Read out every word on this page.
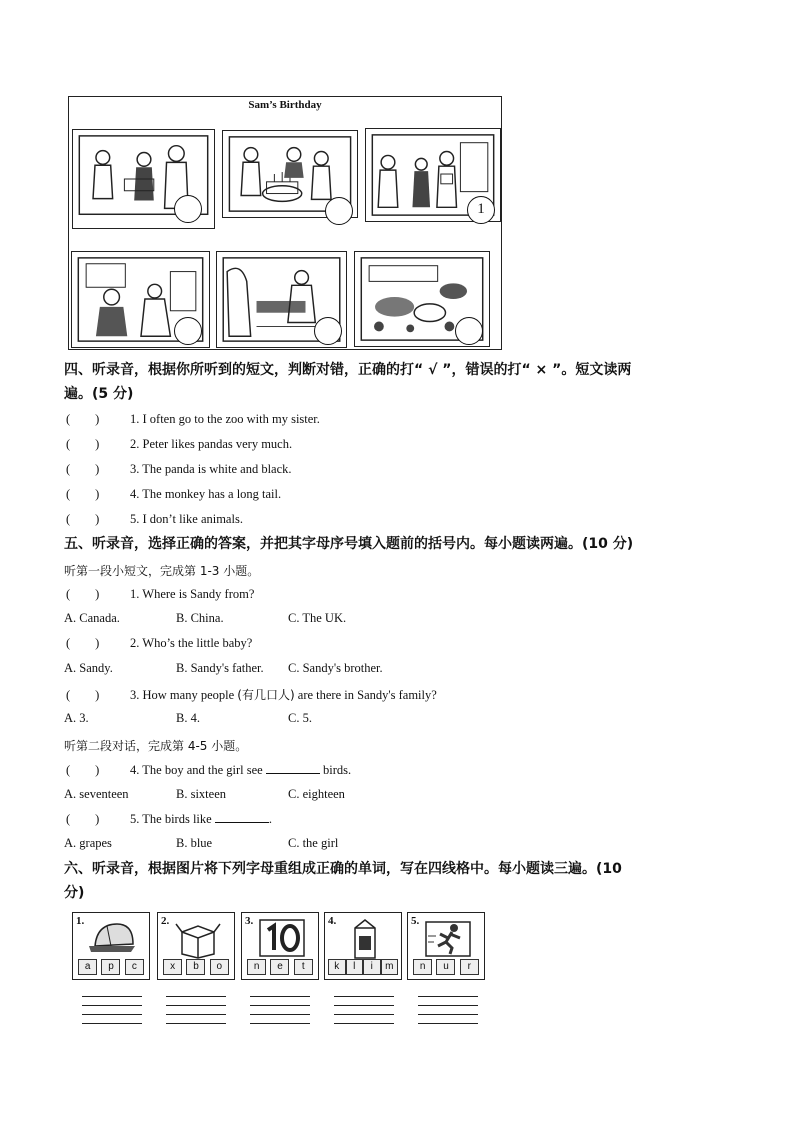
Sam’s Birthday
1
四、听录音，根据你所听到的短文，判断对错，正确的打“ √ ”，错误的打“ × ”。短文读两
遍。(5 分)
(        ) 1. I often go to the zoo with my sister.
(        ) 2. Peter likes pandas very much.
(        ) 3. The panda is white and black.
(        ) 4. The monkey has a long tail.
(        ) 5. I don’t like animals.
五、听录音，选择正确的答案，并把其字母序号填入题前的括号内。每小题读两遍。(10 分)
听第一段小短文，完成第 1-3 小题。
(        ) 1. Where is Sandy from?
A. Canada.	B. China.	C. The UK.
(        ) 2. Who’s the little baby?
A. Sandy.	B. Sandy's father. C. Sandy's brother.
(        ) 3. How many people (有几口人) are there in Sandy's family?
A. 3.	B. 4.	C. 5.
听第二段对话，完成第 4-5 小题。
(        ) 4. The boy and the girl see	birds.
A. seventeen	B. sixteen	C. eighteen
(        ) 5. The birds like	.
A. grapes	B. blue	C. the girl
六、听录音，根据图片将下列字母重组成正确的单词，写在四线格中。每小题读三遍。(10
分)
1.
a	p	c
2.
x	b	o
3.
n	e	t
4.
k	l	i	m
5.
n	u	r
